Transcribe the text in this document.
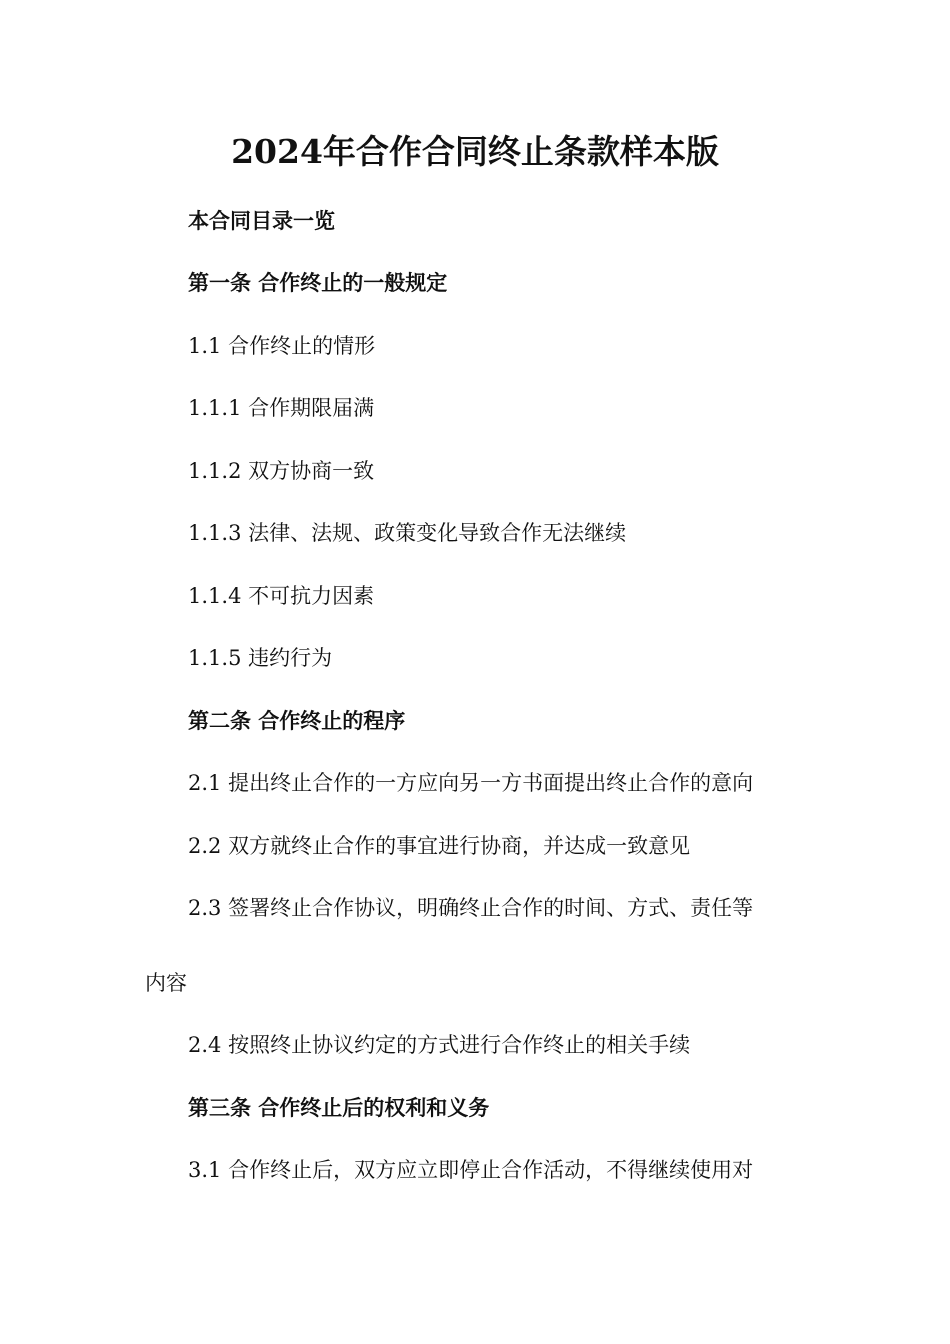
2024年合作合同终止条款样本版
本合同目录一览
第一条 合作终止的一般规定
1.1 合作终止的情形
1.1.1 合作期限届满
1.1.2 双方协商一致
1.1.3 法律、法规、政策变化导致合作无法继续
1.1.4 不可抗力因素
1.1.5 违约行为
第二条 合作终止的程序
2.1 提出终止合作的一方应向另一方书面提出终止合作的意向
2.2 双方就终止合作的事宜进行协商，并达成一致意见
2.3 签署终止合作协议，明确终止合作的时间、方式、责任等
内容
2.4 按照终止协议约定的方式进行合作终止的相关手续
第三条 合作终止后的权利和义务
3.1 合作终止后，双方应立即停止合作活动，不得继续使用对
